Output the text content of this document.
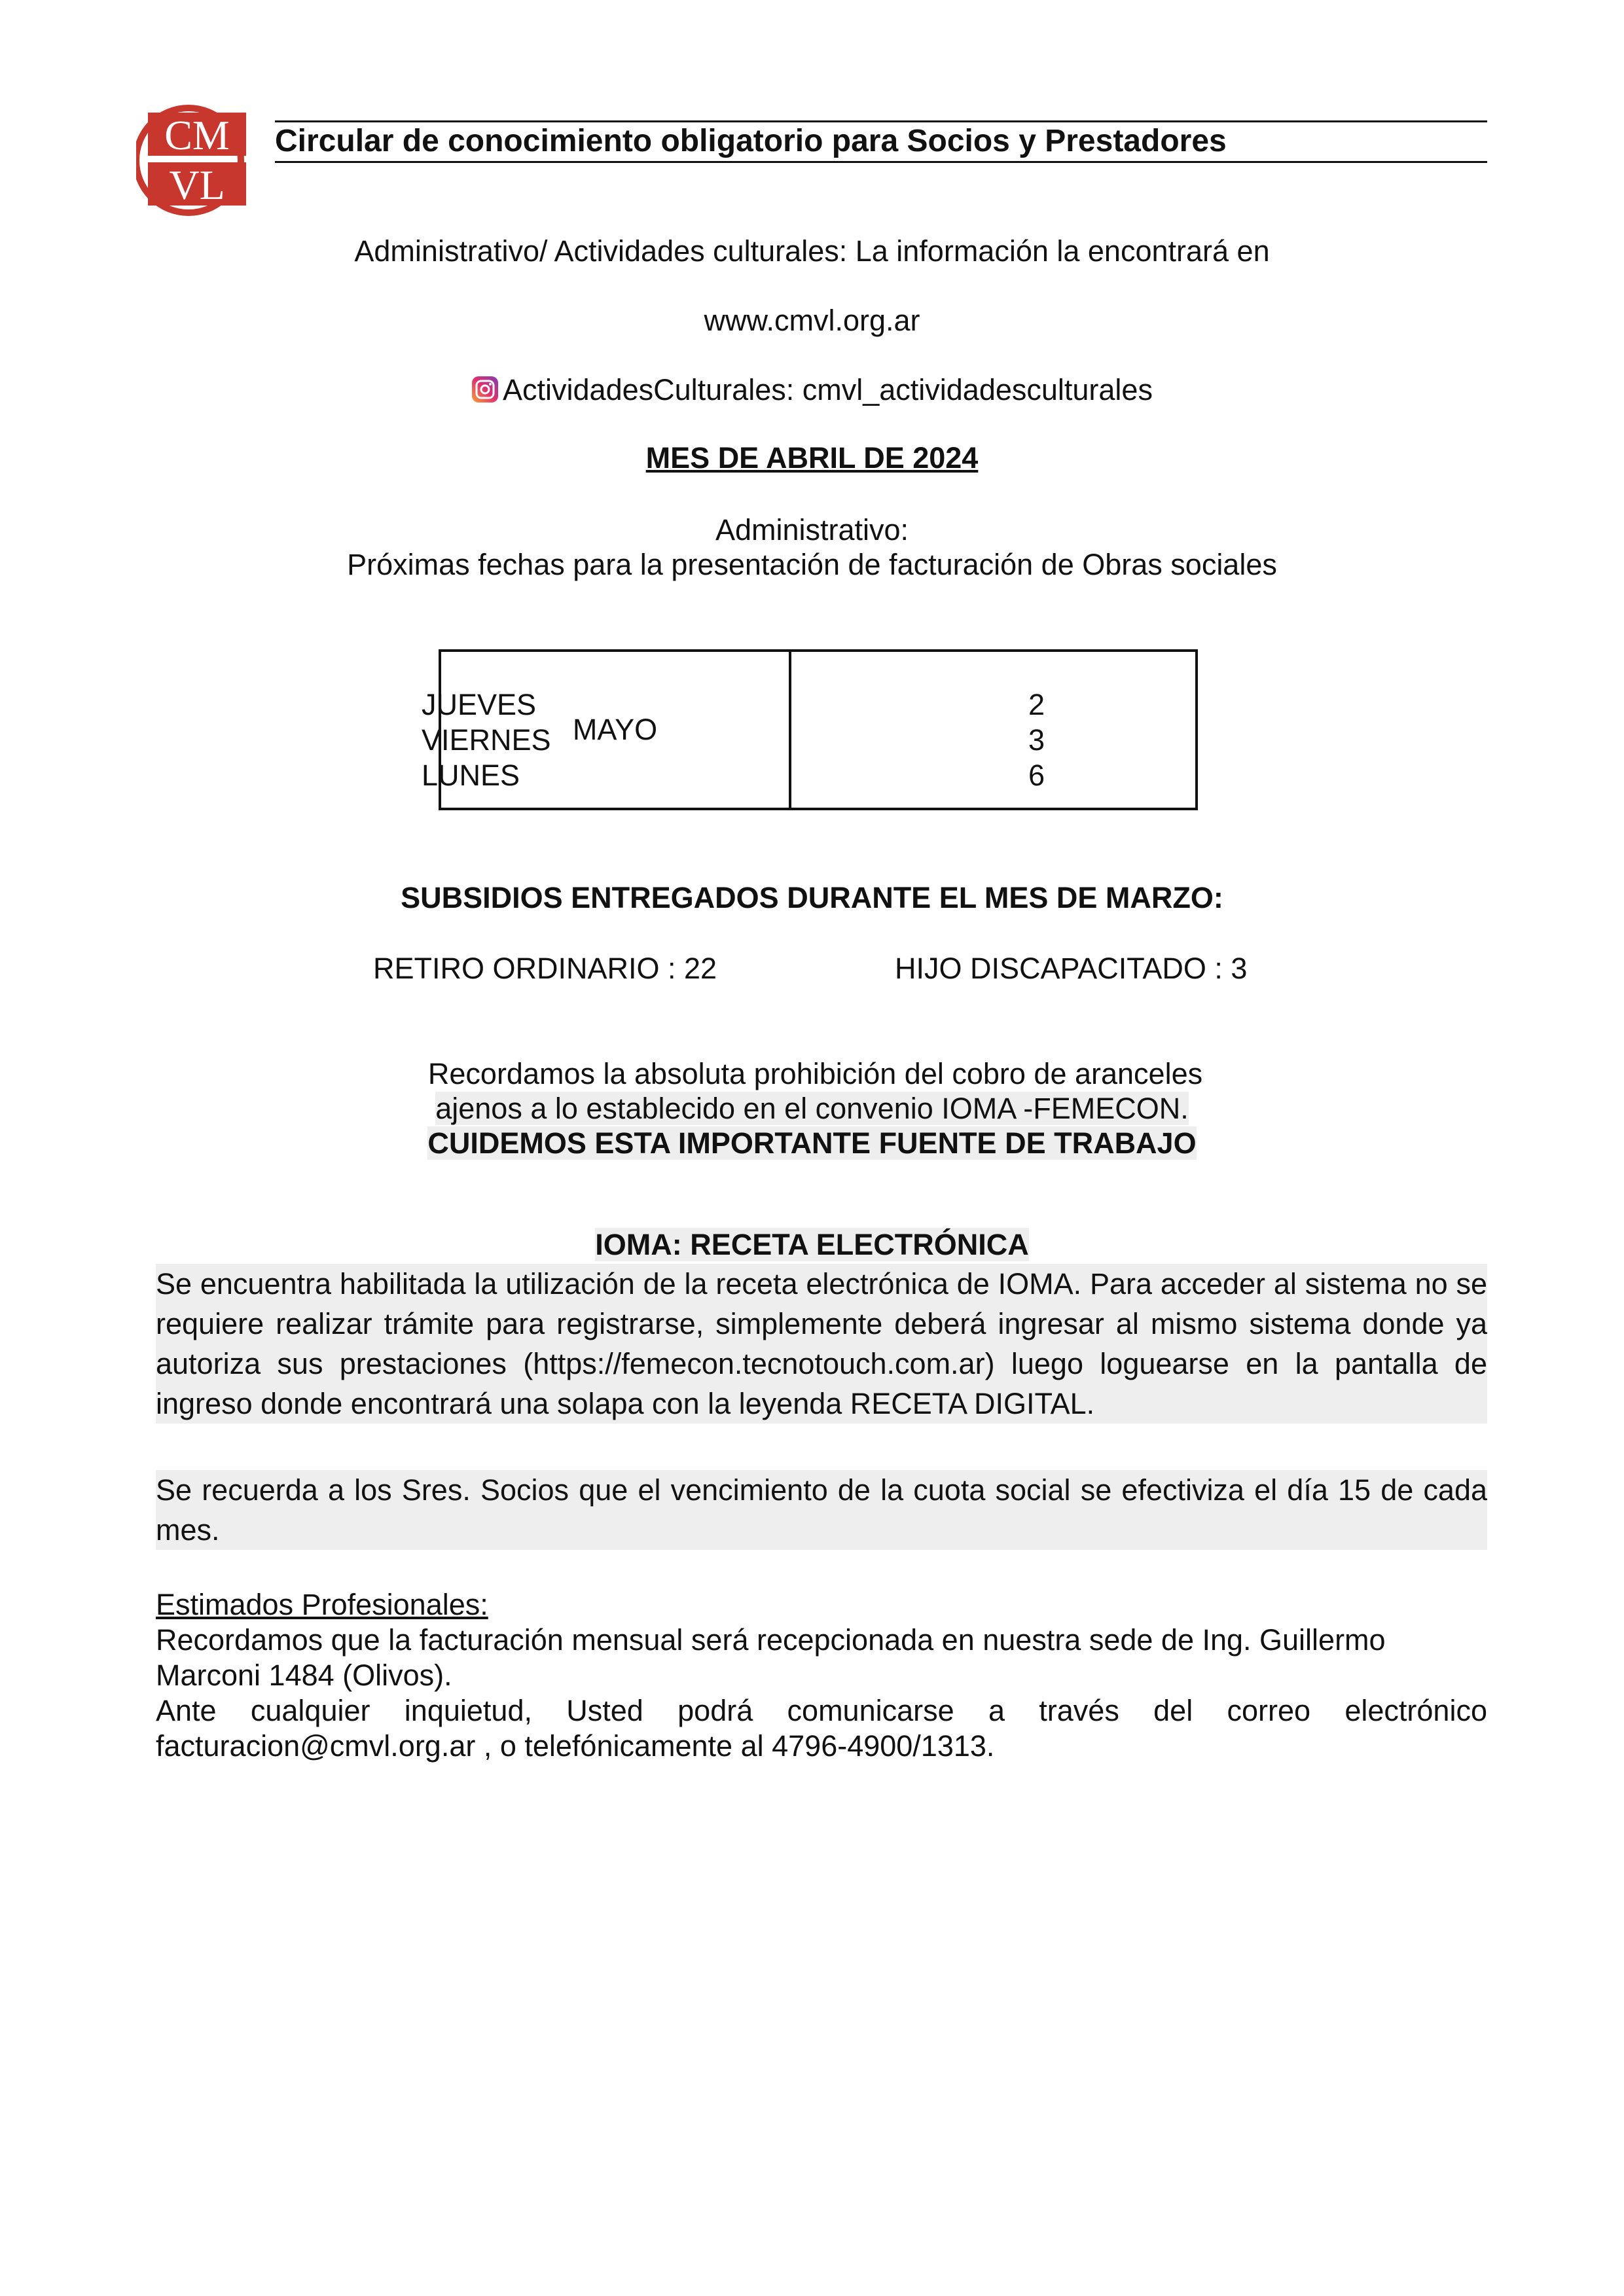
CM
VL
Circular de conocimiento obligatorio para Socios y Prestadores
Administrativo/ Actividades culturales: La información la encontrará en
www.cmvl.org.ar
ActividadesCulturales: cmvl_actividadesculturales
MES DE ABRIL DE 2024
Administrativo:
Próximas fechas para la presentación de facturación de Obras sociales
MAYO
JUEVES	2
VIERNES	3
LUNES	6
SUBSIDIOS ENTREGADOS DURANTE EL MES DE MARZO:
RETIRO ORDINARIO : 22	HIJO DISCAPACITADO : 3
Recordamos la absoluta prohibición del cobro de aranceles
ajenos a lo establecido en el convenio IOMA -FEMECON.
CUIDEMOS ESTA IMPORTANTE FUENTE DE TRABAJO
IOMA: RECETA ELECTRÓNICA

Se encuentra habilitada la utilización de la receta electrónica de IOMA. Para acceder al sistema no se requiere realizar trámite para registrarse, simplemente deberá ingresar al mismo sistema donde ya autoriza sus prestaciones (https://femecon.tecnotouch.com.ar) luego loguearse en la pantalla de ingreso donde encontrará una solapa con la leyenda RECETA DIGITAL.

Se recuerda a los Sres. Socios que el vencimiento de la cuota social se efectiviza el día 15 de cada mes.

Estimados Profesionales:

Recordamos que la facturación mensual será recepcionada en nuestra sede de Ing. Guillermo Marconi 1484 (Olivos).

Ante cualquier inquietud, Usted podrá comunicarse a través del correo electrónico facturacion@cmvl.org.ar , o telefónicamente al 4796-4900/1313.
